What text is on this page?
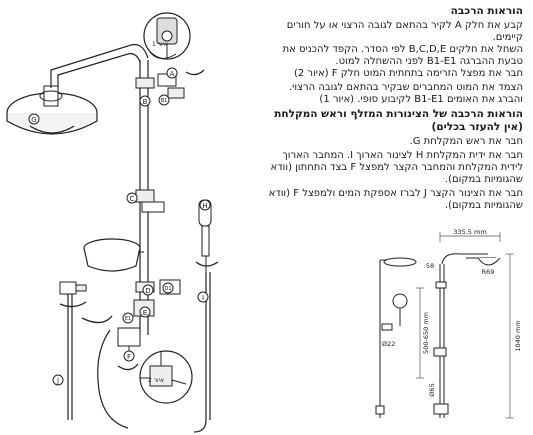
A
B	B1
C
D	D1
E
E1
F
G
H
I
J
איור 1
איור 2
הוראות הרכבה
קבע את חלק A לקיר בהתאם לגובה הרצוי או על חורים קיימים.
השחל את חלקים B,C,D,E לפי הסדר. הקפד להכניס את טבעת ההברגה B1-E1 לפני ההשחלה למוט.
חבר את מפצל הזרימה בתחתית המוט חלק F (איור 2)
הצמד את המוט המחברים שבקיר בהתאם לגובה הרצוי. והברג את האומים B1-E1 לקיבוע סופי. (איור 1)
הוראות הרכבה של הצינורות המזלף וראש המקלחת (אין להעזר בכלים)
חבר את ראש המקלחת G.
חבר את ידית המקלחת H לצינור הארוך I. המחבר הארוך לידית המקלחת והמחבר הקצר למפצל F בצד התחתון (וודא שהגומיות במקום).
חבר את הצינור הקצר J לברז אספקת המים ולמפצל F (וודא שהגומיות במקום).
335.5 mm
58
R69
500-650 mm	1040 mm
Ø22
Ø65
